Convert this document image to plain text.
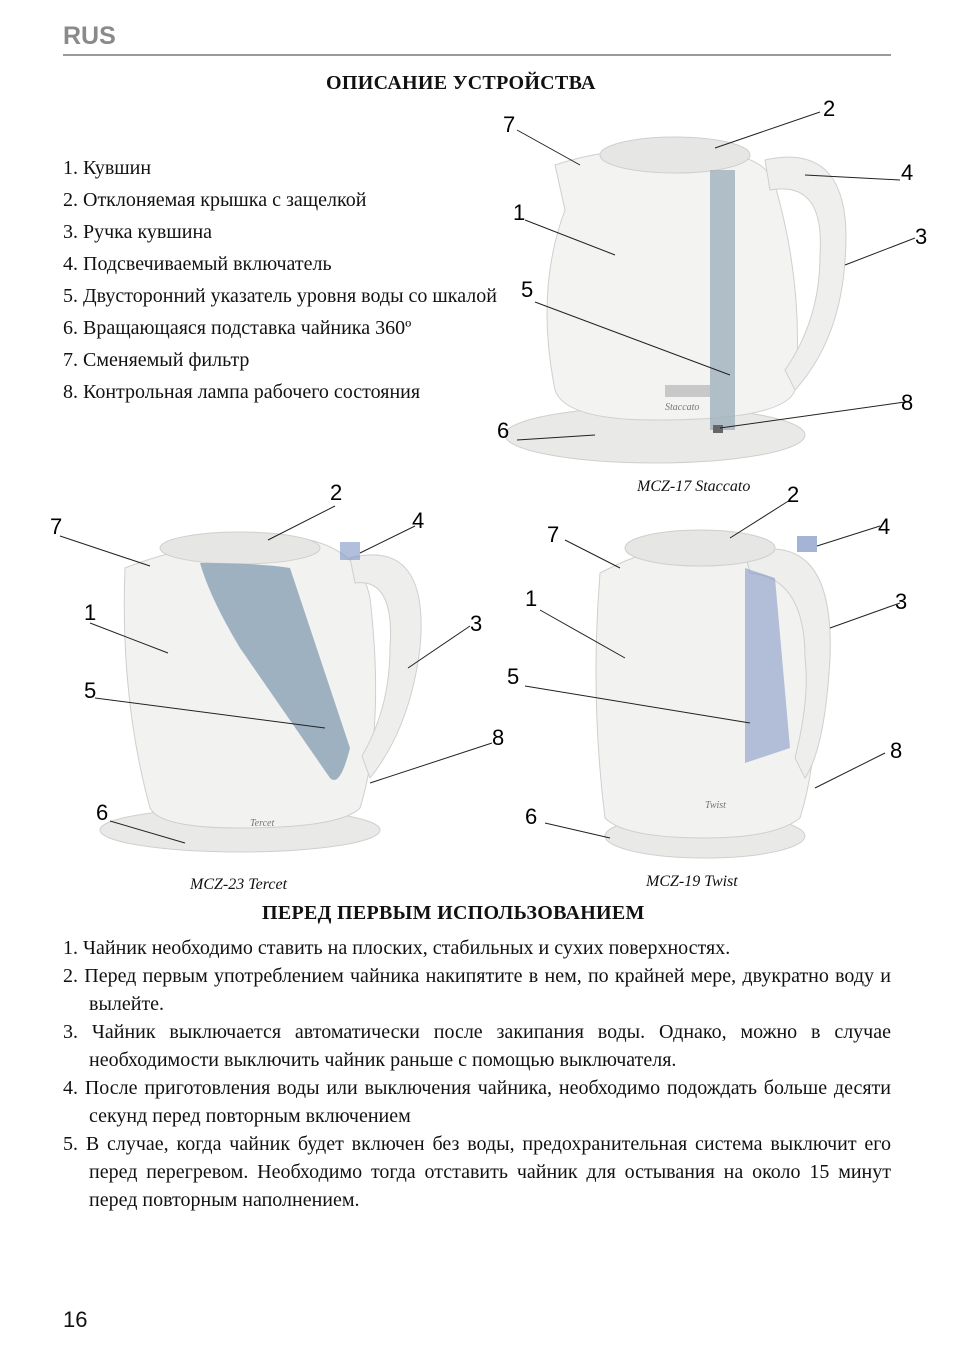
RUS
ОПИСАНИЕ УСТРОЙСТВА
1. Кувшин
2. Отклоняемая крышка с защелкой
3. Ручка кувшина
4. Подсвечиваемый включатель
5. Двусторонний указатель уровня воды со шкалой
6. Вращающаяся подставка чайника 360º
7. Сменяемый фильтр
8. Контрольная лампа рабочего состояния
Staccato
7
2
4
3
1
5
8
6
MCZ-17 Staccato
Tercet
7
2
4
3
1
5
8
6
MCZ-23 Tercet
Twist
7
2
4
3
1
5
8
6
MCZ-19 Twist
ПЕРЕД ПЕРВЫМ ИСПОЛЬЗОВАНИЕМ
1. Чайник необходимо ставить на плоских, стабильных и сухих поверхностях.
2. Перед первым употреблением чайника накипятите в нем, по крайней мере, двукратно воду и вылейте.
3. Чайник выключается автоматически после закипания воды. Однако, можно в случае необходимости выключить чайник раньше с помощью выключателя.
4. После приготовления воды или выключения чайника, необходимо подождать больше десяти секунд перед повторным включением
5. В случае, когда чайник будет включен без воды, предохранительная система выключит его перед перегревом. Необходимо тогда отставить чайник для остывания на около 15 минут перед повторным наполнением.
16
